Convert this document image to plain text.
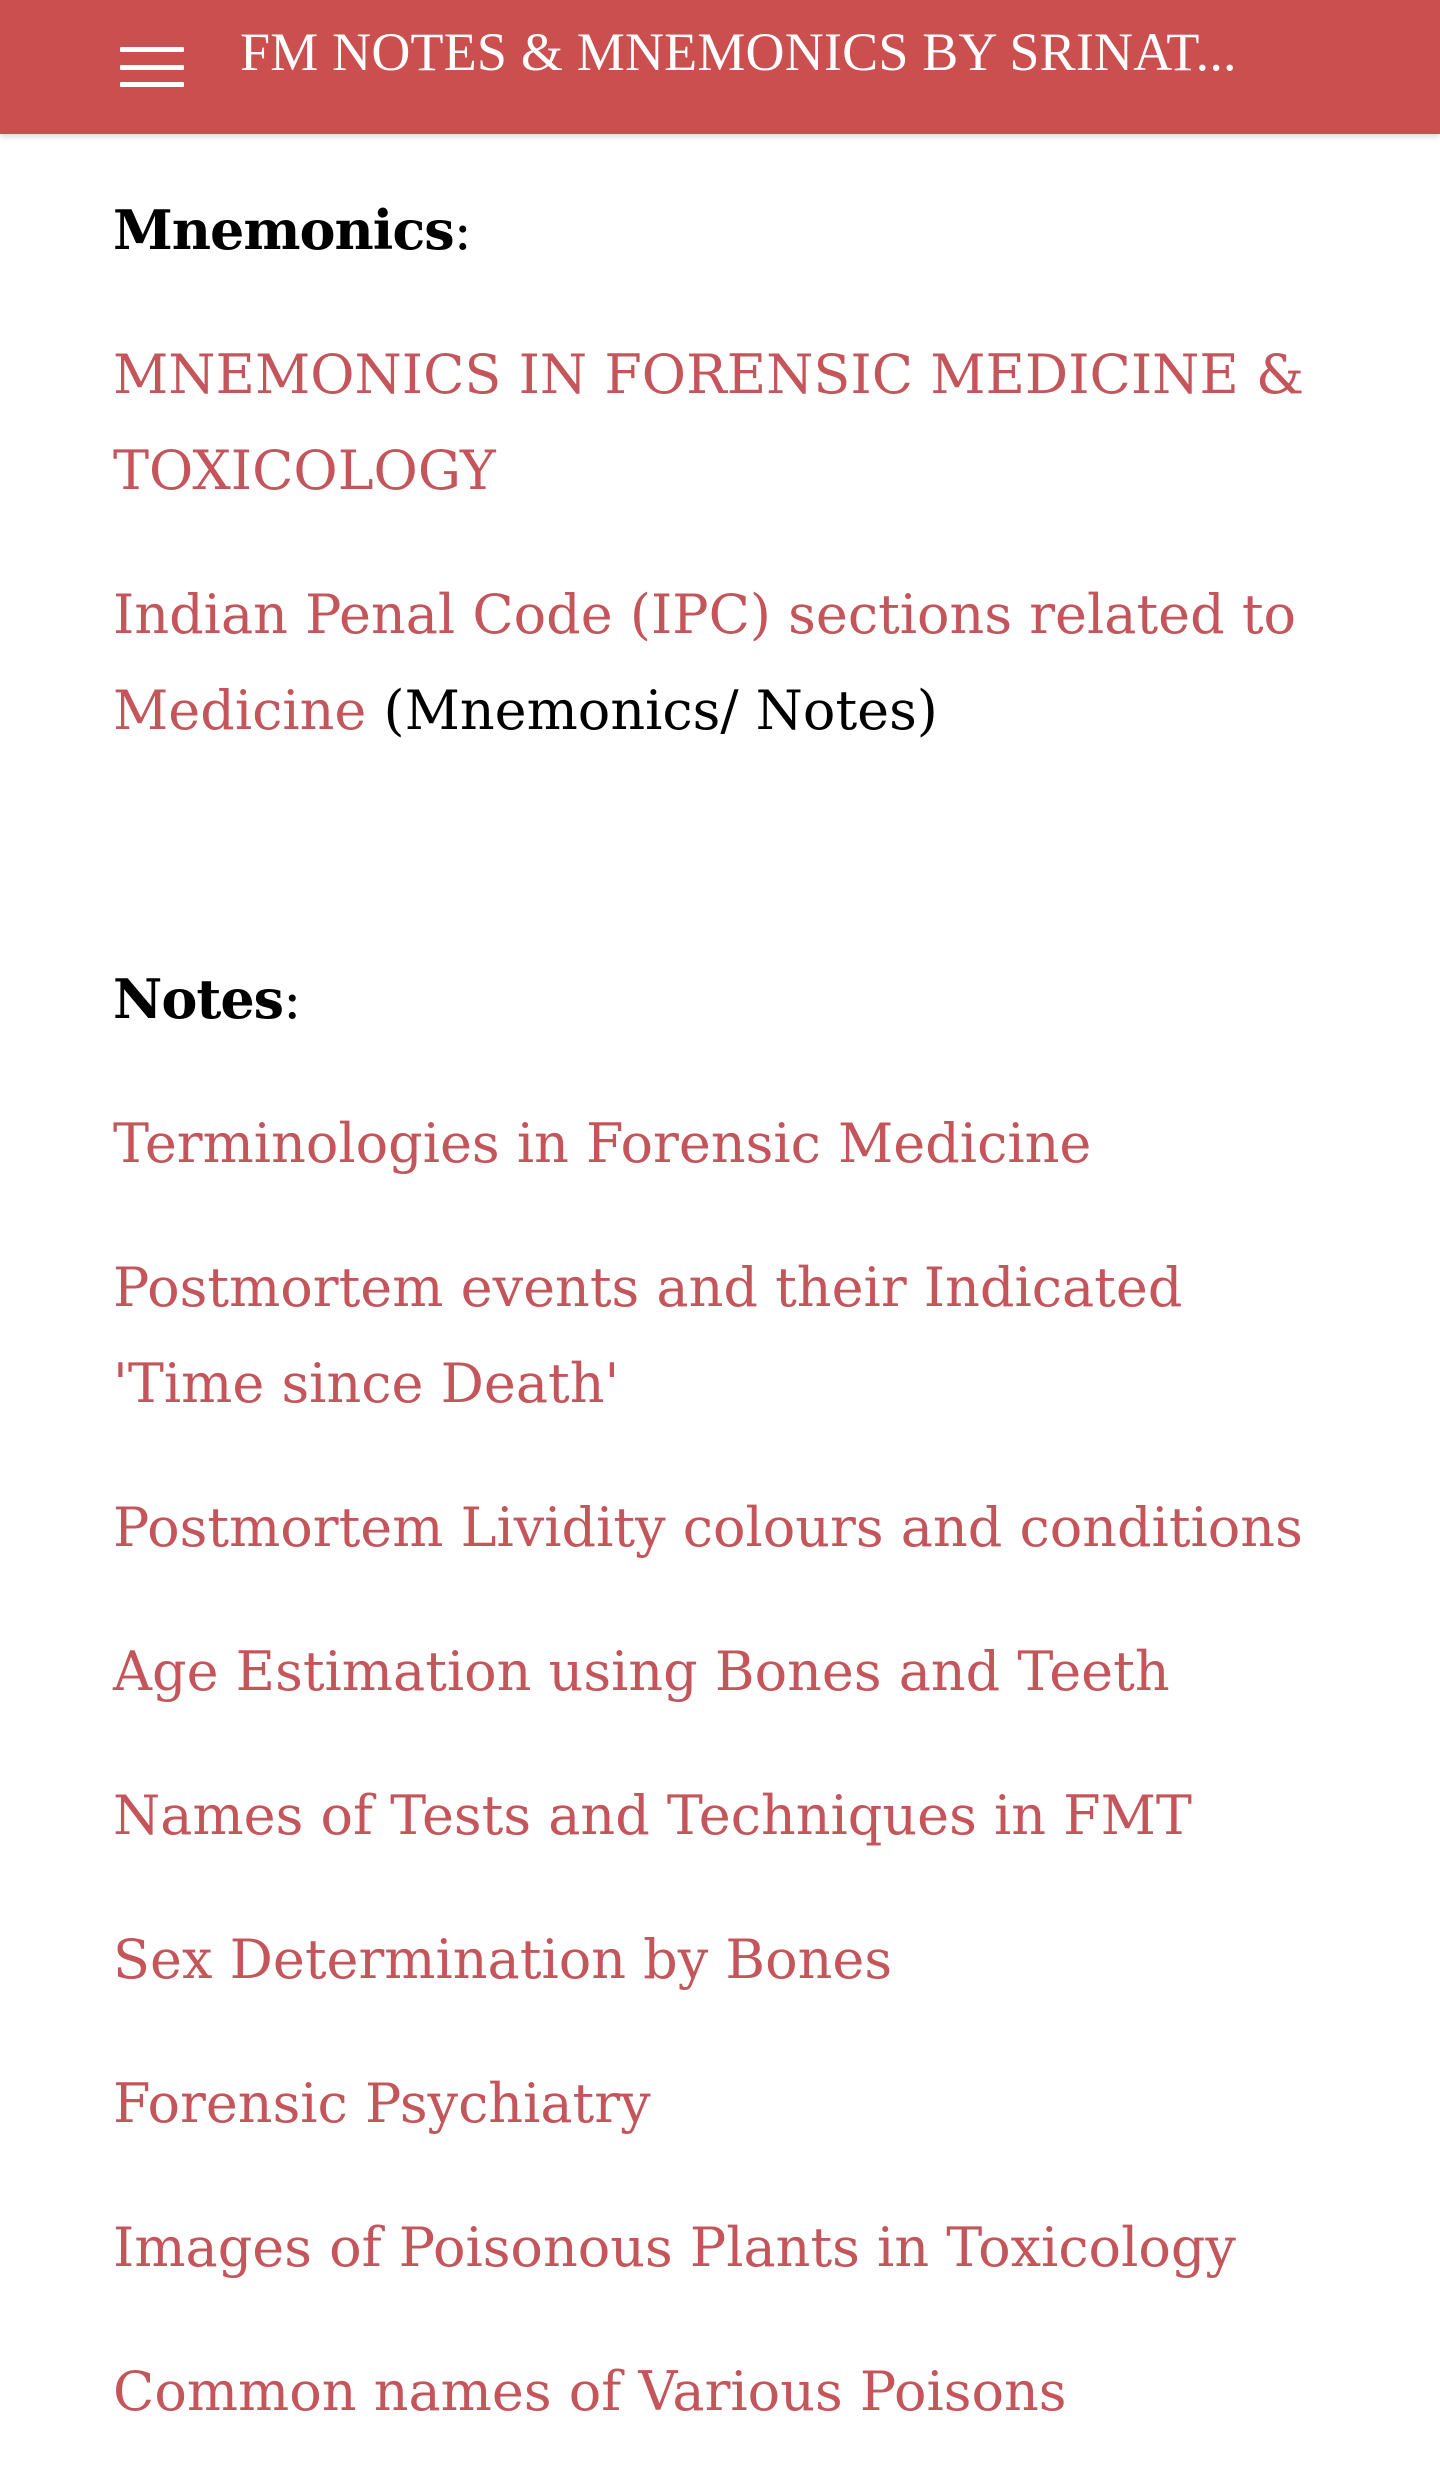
FM NOTES & MNEMONICS BY SRINAT...
Mnemonics:

MNEMONICS IN FORENSIC MEDICINE & TOXICOLOGY

Indian Penal Code (IPC) sections related to Medicine (Mnemonics/ Notes)

Notes:

Terminologies in Forensic Medicine

Postmortem events and their Indicated 'Time since Death'

Postmortem Lividity colours and conditions

Age Estimation using Bones and Teeth

Names of Tests and Techniques in FMT

Sex Determination by Bones

Forensic Psychiatry

Images of Poisonous Plants in Toxicology

Common names of Various Poisons
